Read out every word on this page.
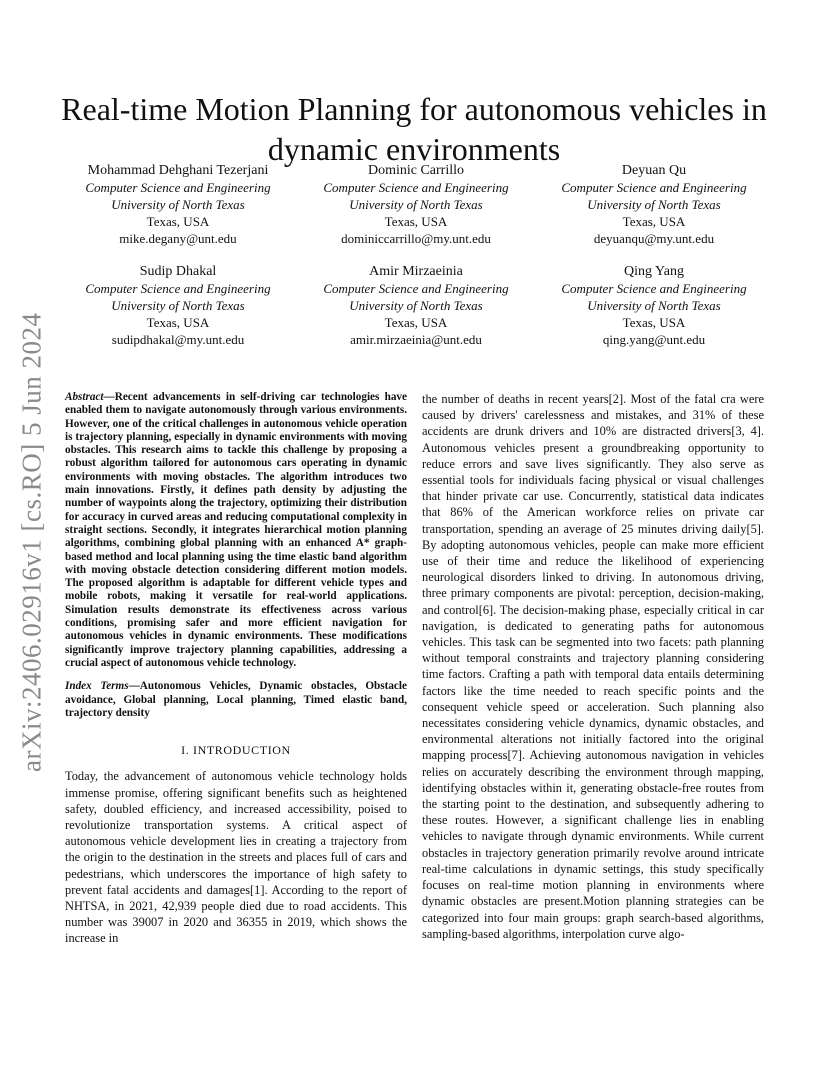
arXiv:2406.02916v1 [cs.RO] 5 Jun 2024
Real-time Motion Planning for autonomous vehicles in dynamic environments
Mohammad Dehghani Tezerjani
Computer Science and Engineering
University of North Texas
Texas, USA
mike.degany@unt.edu
Dominic Carrillo
Computer Science and Engineering
University of North Texas
Texas, USA
dominiccarrillo@my.unt.edu
Deyuan Qu
Computer Science and Engineering
University of North Texas
Texas, USA
deyuanqu@my.unt.edu
Sudip Dhakal
Computer Science and Engineering
University of North Texas
Texas, USA
sudipdhakal@my.unt.edu
Amir Mirzaeinia
Computer Science and Engineering
University of North Texas
Texas, USA
amir.mirzaeinia@unt.edu
Qing Yang
Computer Science and Engineering
University of North Texas
Texas, USA
qing.yang@unt.edu

Abstract—Recent advancements in self-driving car technologies have enabled them to navigate autonomously through various environments. However, one of the critical challenges in autonomous vehicle operation is trajectory planning, especially in dynamic environments with moving obstacles. This research aims to tackle this challenge by proposing a robust algorithm tailored for autonomous cars operating in dynamic environments with moving obstacles. The algorithm introduces two main innovations. Firstly, it defines path density by adjusting the number of waypoints along the trajectory, optimizing their distribution for accuracy in curved areas and reducing computational complexity in straight sections. Secondly, it integrates hierarchical motion planning algorithms, combining global planning with an enhanced A* graph-based method and local planning using the time elastic band algorithm with moving obstacle detection considering different motion models. The proposed algorithm is adaptable for different vehicle types and mobile robots, making it versatile for real-world applications. Simulation results demonstrate its effectiveness across various conditions, promising safer and more efficient navigation for autonomous vehicles in dynamic environments. These modifications significantly improve trajectory planning capabilities, addressing a crucial aspect of autonomous vehicle technology.

Index Terms—Autonomous Vehicles, Dynamic obstacles, Obstacle avoidance, Global planning, Local planning, Timed elastic band, trajectory density

I. INTRODUCTION

Today, the advancement of autonomous vehicle technology holds immense promise, offering significant benefits such as heightened safety, doubled efficiency, and increased accessibility, poised to revolutionize transportation systems. A critical aspect of autonomous vehicle development lies in creating a trajectory from the origin to the destination in the streets and places full of cars and pedestrians, which underscores the importance of high safety to prevent fatal accidents and damages[1]. According to the report of NHTSA, in 2021, 42,939 people died due to road accidents. This number was 39007 in 2020 and 36355 in 2019, which shows the increase in

the number of deaths in recent years[2]. Most of the fatal cra were caused by drivers' carelessness and mistakes, and 31% of these accidents are drunk drivers and 10% are distracted drivers[3, 4]. Autonomous vehicles present a groundbreaking opportunity to reduce errors and save lives significantly. They also serve as essential tools for individuals facing physical or visual challenges that hinder private car use. Concurrently, statistical data indicates that 86% of the American workforce relies on private car transportation, spending an average of 25 minutes driving daily[5]. By adopting autonomous vehicles, people can make more efficient use of their time and reduce the likelihood of experiencing neurological disorders linked to driving. In autonomous driving, three primary components are pivotal: perception, decision-making, and control[6]. The decision-making phase, especially critical in car navigation, is dedicated to generating paths for autonomous vehicles. This task can be segmented into two facets: path planning without temporal constraints and trajectory planning considering time factors. Crafting a path with temporal data entails determining factors like the time needed to reach specific points and the consequent vehicle speed or acceleration. Such planning also necessitates considering vehicle dynamics, dynamic obstacles, and environmental alterations not initially factored into the original mapping process[7]. Achieving autonomous navigation in vehicles relies on accurately describing the environment through mapping, identifying obstacles within it, generating obstacle-free routes from the starting point to the destination, and subsequently adhering to these routes. However, a significant challenge lies in enabling vehicles to navigate through dynamic environments. While current obstacles in trajectory generation primarily revolve around intricate real-time calculations in dynamic settings, this study specifically focuses on real-time motion planning in environments where dynamic obstacles are present.Motion planning strategies can be categorized into four main groups: graph search-based algorithms, sampling-based algorithms, interpolation curve algo-
